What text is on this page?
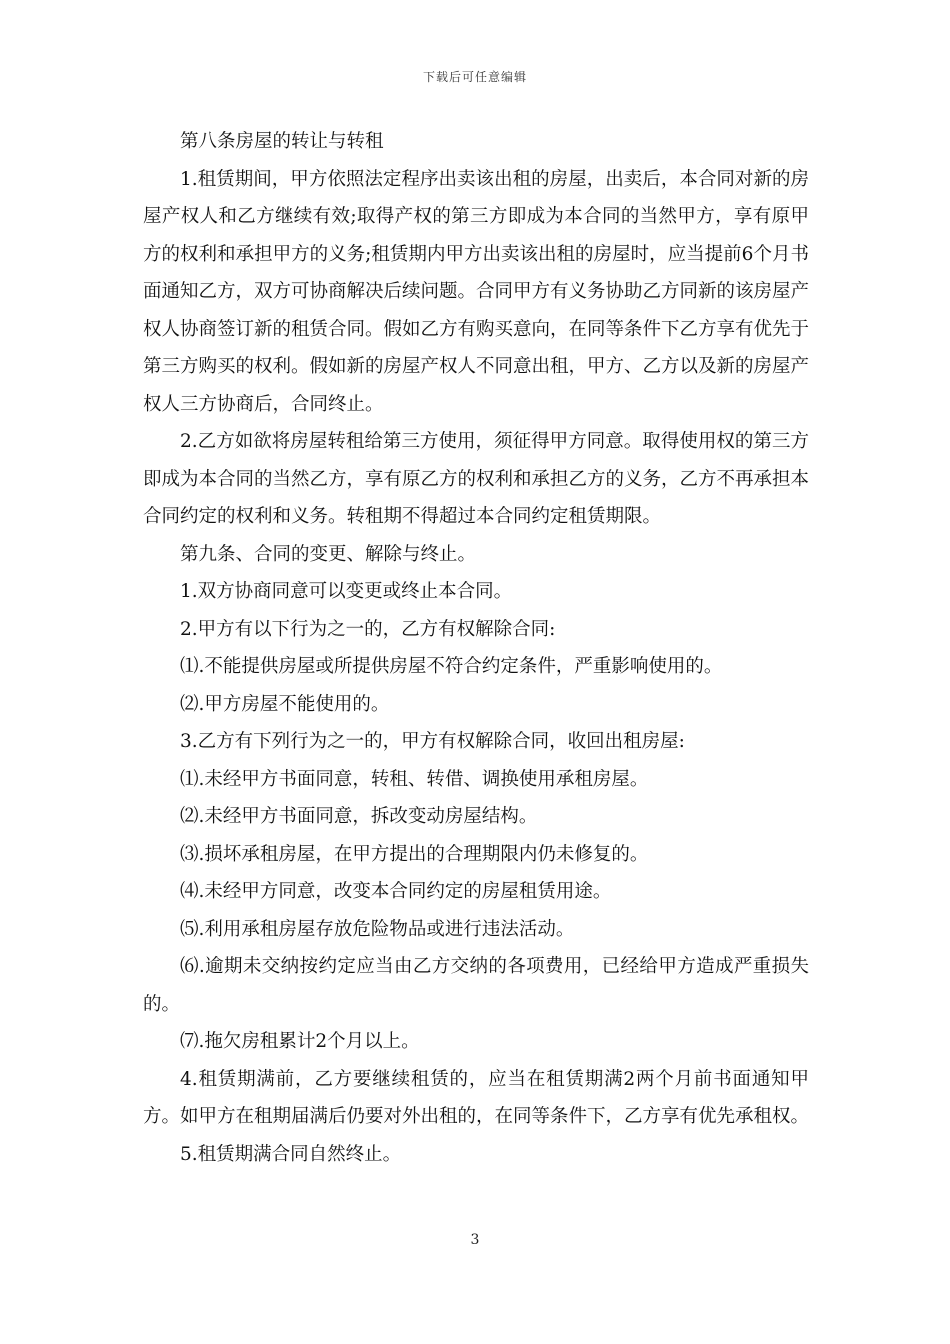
下载后可任意编辑

第八条房屋的转让与转租

1.租赁期间，甲方依照法定程序出卖该出租的房屋，出卖后，本合同对新的房屋产权人和乙方继续有效;取得产权的第三方即成为本合同的当然甲方，享有原甲方的权利和承担甲方的义务;租赁期内甲方出卖该出租的房屋时，应当提前6个月书面通知乙方，双方可协商解决后续问题。合同甲方有义务协助乙方同新的该房屋产权人协商签订新的租赁合同。假如乙方有购买意向，在同等条件下乙方享有优先于第三方购买的权利。假如新的房屋产权人不同意出租，甲方、乙方以及新的房屋产权人三方协商后，合同终止。

2.乙方如欲将房屋转租给第三方使用，须征得甲方同意。取得使用权的第三方即成为本合同的当然乙方，享有原乙方的权利和承担乙方的义务，乙方不再承担本合同约定的权利和义务。转租期不得超过本合同约定租赁期限。

第九条、合同的变更、解除与终止。

1.双方协商同意可以变更或终止本合同。

2.甲方有以下行为之一的，乙方有权解除合同:

⑴.不能提供房屋或所提供房屋不符合约定条件，严重影响使用的。

⑵.甲方房屋不能使用的。

3.乙方有下列行为之一的，甲方有权解除合同，收回出租房屋:

⑴.未经甲方书面同意，转租、转借、调换使用承租房屋。

⑵.未经甲方书面同意，拆改变动房屋结构。

⑶.损坏承租房屋，在甲方提出的合理期限内仍未修复的。

⑷.未经甲方同意，改变本合同约定的房屋租赁用途。

⑸.利用承租房屋存放危险物品或进行违法活动。

⑹.逾期未交纳按约定应当由乙方交纳的各项费用，已经给甲方造成严重损失的。

⑺.拖欠房租累计2个月以上。

4.租赁期满前，乙方要继续租赁的，应当在租赁期满2两个月前书面通知甲方。如甲方在租期届满后仍要对外出租的，在同等条件下，乙方享有优先承租权。

5.租赁期满合同自然终止。

3
